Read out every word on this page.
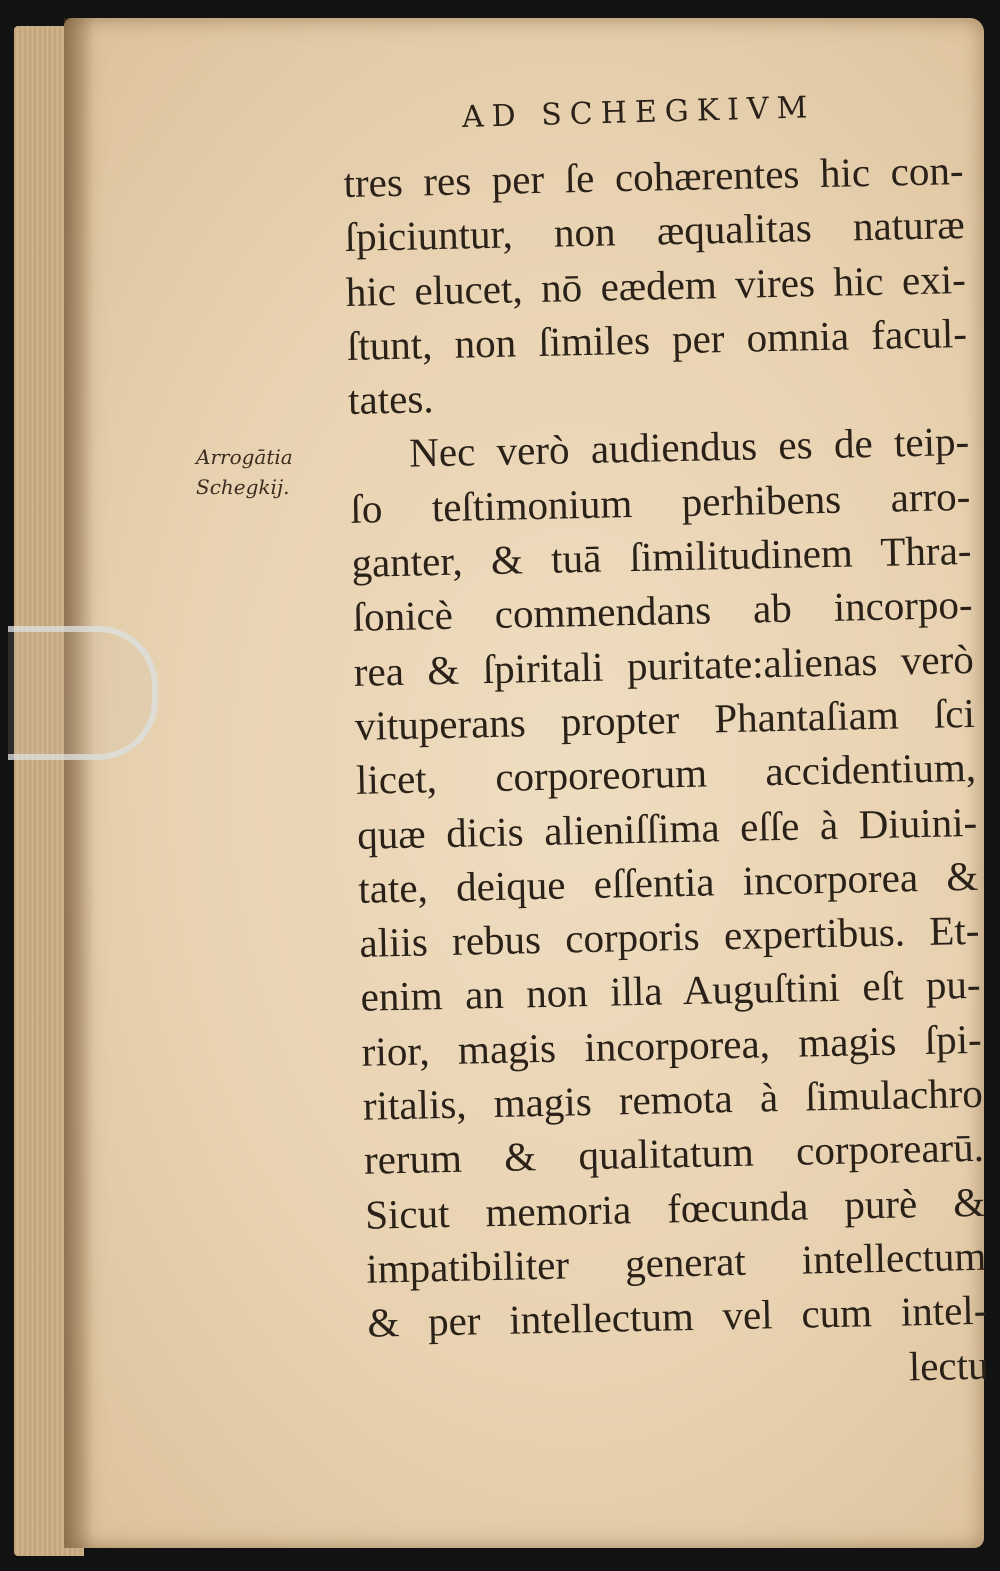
AD SCHEGKIVM
Arrogātia
Schegkij.
tres res per ſe cohærentes hic con-
ſpiciuntur, non æqualitas naturæ
hic elucet, nō eædem vires hic exi-
ſtunt, non ſimiles per omnia facul-
tates.
Nec verò audiendus es de teip-
ſo teſtimonium perhibens arro-
ganter, & tuā ſimilitudinem Thra-
ſonicè commendans ab incorpo-
rea & ſpiritali puritate:alienas verò
vituperans propter Phantaſiam ſci
licet, corporeorum accidentium,
quæ dicis alieniſſima eſſe à Diuini-
tate, deique eſſentia incorporea &
aliis rebus corporis expertibus. Et-
enim an non illa Auguſtini eſt pu-
rior, magis incorporea, magis ſpi-
ritalis, magis remota à ſimulachro
rerum & qualitatum corporearū.
Sicut memoria fœcunda purè &
impatibiliter generat intellectum
& per intellectum vel cum intel-
lectu
